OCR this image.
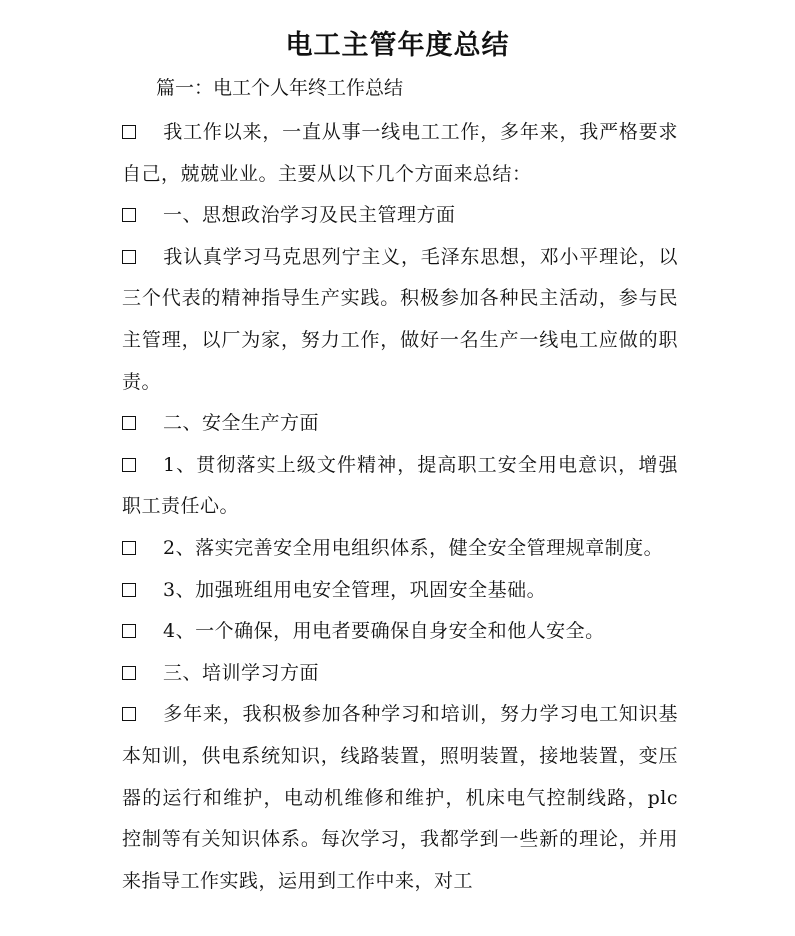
电工主管年度总结
篇一：电工个人年终工作总结

我工作以来，一直从事一线电工工作，多年来，我严格要求自己，兢兢业业。主要从以下几个方面来总结：

一、思想政治学习及民主管理方面

我认真学习马克思列宁主义，毛泽东思想，邓小平理论，以三个代表的精神指导生产实践。积极参加各种民主活动，参与民主管理，以厂为家，努力工作，做好一名生产一线电工应做的职责。

二、安全生产方面

1、贯彻落实上级文件精神，提高职工安全用电意识，增强职工责任心。

2、落实完善安全用电组织体系，健全安全管理规章制度。

3、加强班组用电安全管理，巩固安全基础。

4、一个确保，用电者要确保自身安全和他人安全。

三、培训学习方面

多年来，我积极参加各种学习和培训，努力学习电工知识基本知训，供电系统知识，线路装置，照明装置，接地装置，变压器的运行和维护，电动机维修和维护，机床电气控制线路，plc 控制等有关知识体系。每次学习，我都学到一些新的理论，并用来指导工作实践，运用到工作中来，对工
